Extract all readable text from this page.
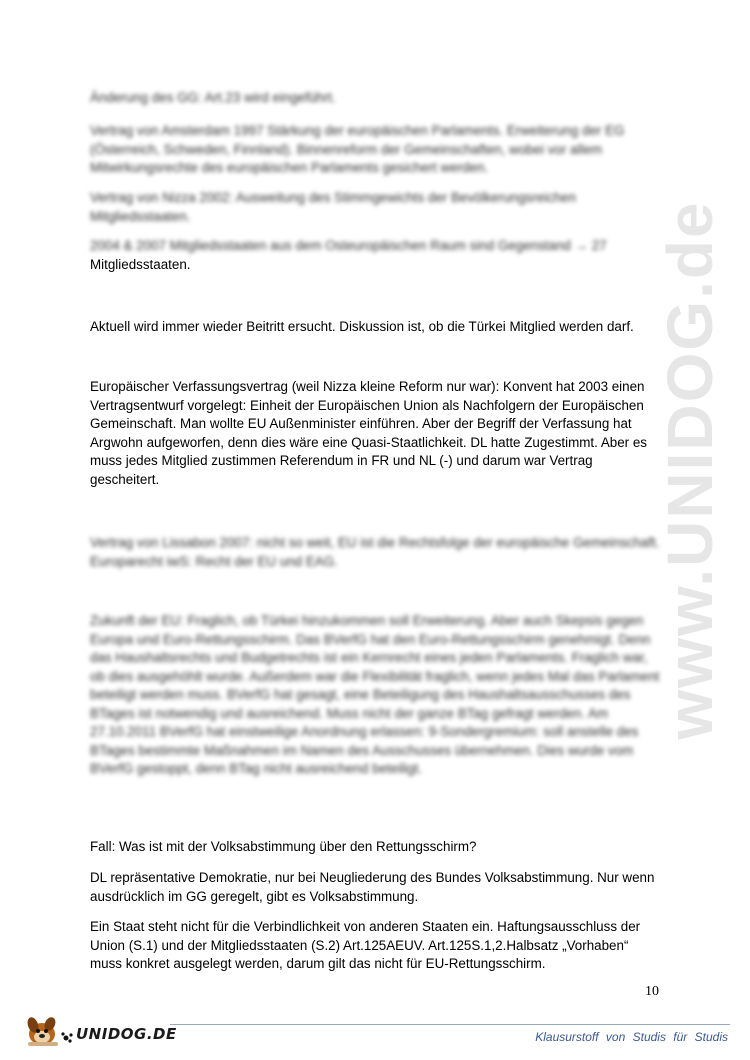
www.UNIDOG.de
Änderung des GG: Art.23 wird eingeführt.
Vertrag von Amsterdam 1997 Stärkung der europäischen Parlaments. Erweiterung der EG (Österreich, Schweden, Finnland). Binnenreform der Gemeinschaften, wobei vor allem Mitwirkungsrechte des europäischen Parlaments gesichert werden.
Vertrag von Nizza 2002: Ausweitung des Stimmgewichts der Bevölkerungsreichen Mitgliedsstaaten.
2004 & 2007 Mitgliedsstaaten aus dem Osteuropäischen Raum sind Gegenstand → 27
Mitgliedsstaaten.
Aktuell wird immer wieder Beitritt ersucht. Diskussion ist, ob die Türkei Mitglied werden darf.
Europäischer Verfassungsvertrag (weil Nizza kleine Reform nur war): Konvent hat 2003 einen Vertragsentwurf vorgelegt: Einheit der Europäischen Union als Nachfolgern der Europäischen Gemeinschaft. Man wollte EU Außenminister einführen. Aber der Begriff der Verfassung hat Argwohn aufgeworfen, denn dies wäre eine Quasi-Staatlichkeit. DL hatte Zugestimmt. Aber es muss jedes Mitglied zustimmen Referendum in FR und NL (-) und darum war Vertrag gescheitert.
Vertrag von Lissabon 2007: nicht so weit, EU ist die Rechtsfolge der europäische Gemeinschaft. Europarecht iwS: Recht der EU und EAG.
Zukunft der EU: Fraglich, ob Türkei hinzukommen soll Erweiterung. Aber auch Skepsis gegen Europa und Euro-Rettungsschirm. Das BVerfG hat den Euro-Rettungsschirm genehmigt. Denn das Haushaltsrechts und Budgetrechts ist ein Kernrecht eines jeden Parlaments. Fraglich war, ob dies ausgehöhlt wurde. Außerdem war die Flexibilität fraglich, wenn jedes Mal das Parlament beteiligt werden muss. BVerfG hat gesagt, eine Beteiligung des Haushaltsausschusses des BTages ist notwendig und ausreichend. Muss nicht der ganze BTag gefragt werden. Am 27.10.2011 BVerfG hat einstweilige Anordnung erlassen: 9-Sondergremium: soll anstelle des BTages bestimmte Maßnahmen im Namen des Ausschusses übernehmen. Dies wurde vom BVerfG gestoppt, denn BTag nicht ausreichend beteiligt.
Fall: Was ist mit der Volksabstimmung über den Rettungsschirm?
DL repräsentative Demokratie, nur bei Neugliederung des Bundes Volksabstimmung. Nur wenn ausdrücklich im GG geregelt, gibt es Volksabstimmung.
Ein Staat steht nicht für die Verbindlichkeit von anderen Staaten ein. Haftungsausschluss der Union (S.1) und der Mitgliedsstaaten (S.2) Art.125AEUV. Art.125S.1,2.Halbsatz „Vorhaben“ muss konkret ausgelegt werden, darum gilt das nicht für EU-Rettungsschirm.
10
UNIDOG.DE	Klausurstoff von Studis für Studis
